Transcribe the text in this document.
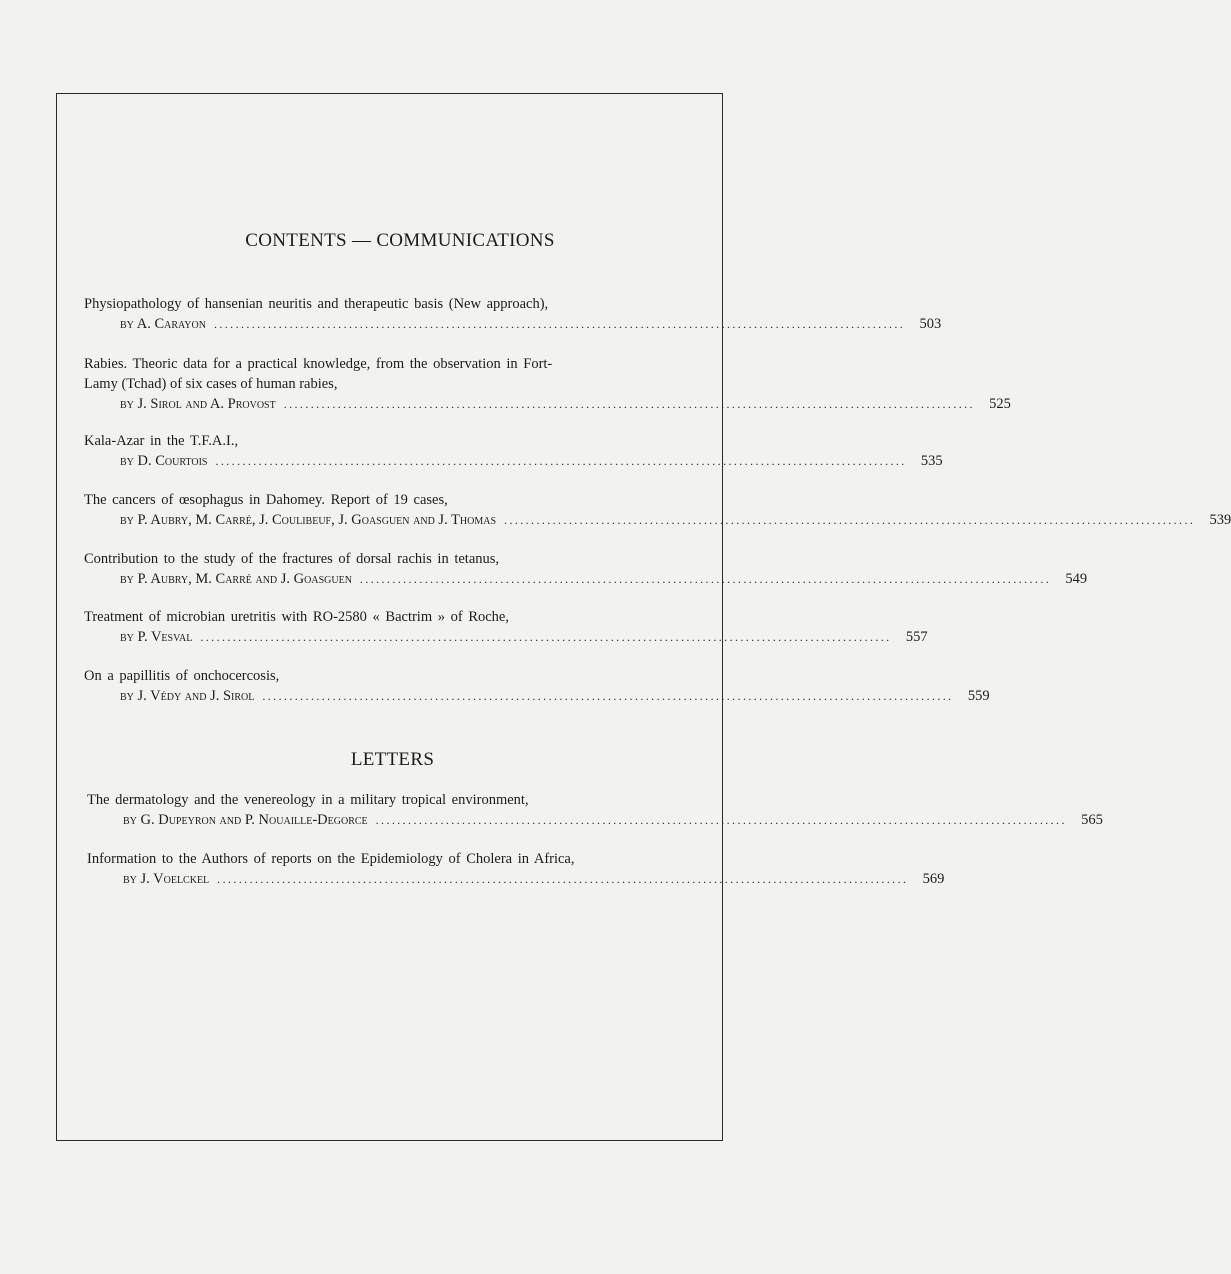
CONTENTS — COMMUNICATIONS
Physiopathology of hansenian neuritis and therapeutic basis (New approach),
by A. Carayon ................................................................................................................................ 503
Rabies. Theoric data for a practical knowledge, from the observation in Fort-
Lamy (Tchad) of six cases of human rabies,
by J. Sirol and A. Provost ................................................................................................................................ 525
Kala-Azar in the T.F.A.I.,
by D. Courtois ................................................................................................................................ 535
The cancers of œsophagus in Dahomey. Report of 19 cases,
by P. Aubry, M. Carré, J. Coulibeuf, J. Goasguen and J. Thomas ................................................................................................................................ 539
Contribution to the study of the fractures of dorsal rachis in tetanus,
by P. Aubry, M. Carré and J. Goasguen ................................................................................................................................ 549
Treatment of microbian uretritis with RO-2580 « Bactrim » of Roche,
by P. Vesval ................................................................................................................................ 557
On a papillitis of onchocercosis,
by J. Védy and J. Sirol ................................................................................................................................ 559
LETTERS
The dermatology and the venereology in a military tropical environment,
by G. Dupeyron and P. Nouaille-Degorce ................................................................................................................................ 565
Information to the Authors of reports on the Epidemiology of Cholera in Africa,
by J. Voelckel ................................................................................................................................ 569
